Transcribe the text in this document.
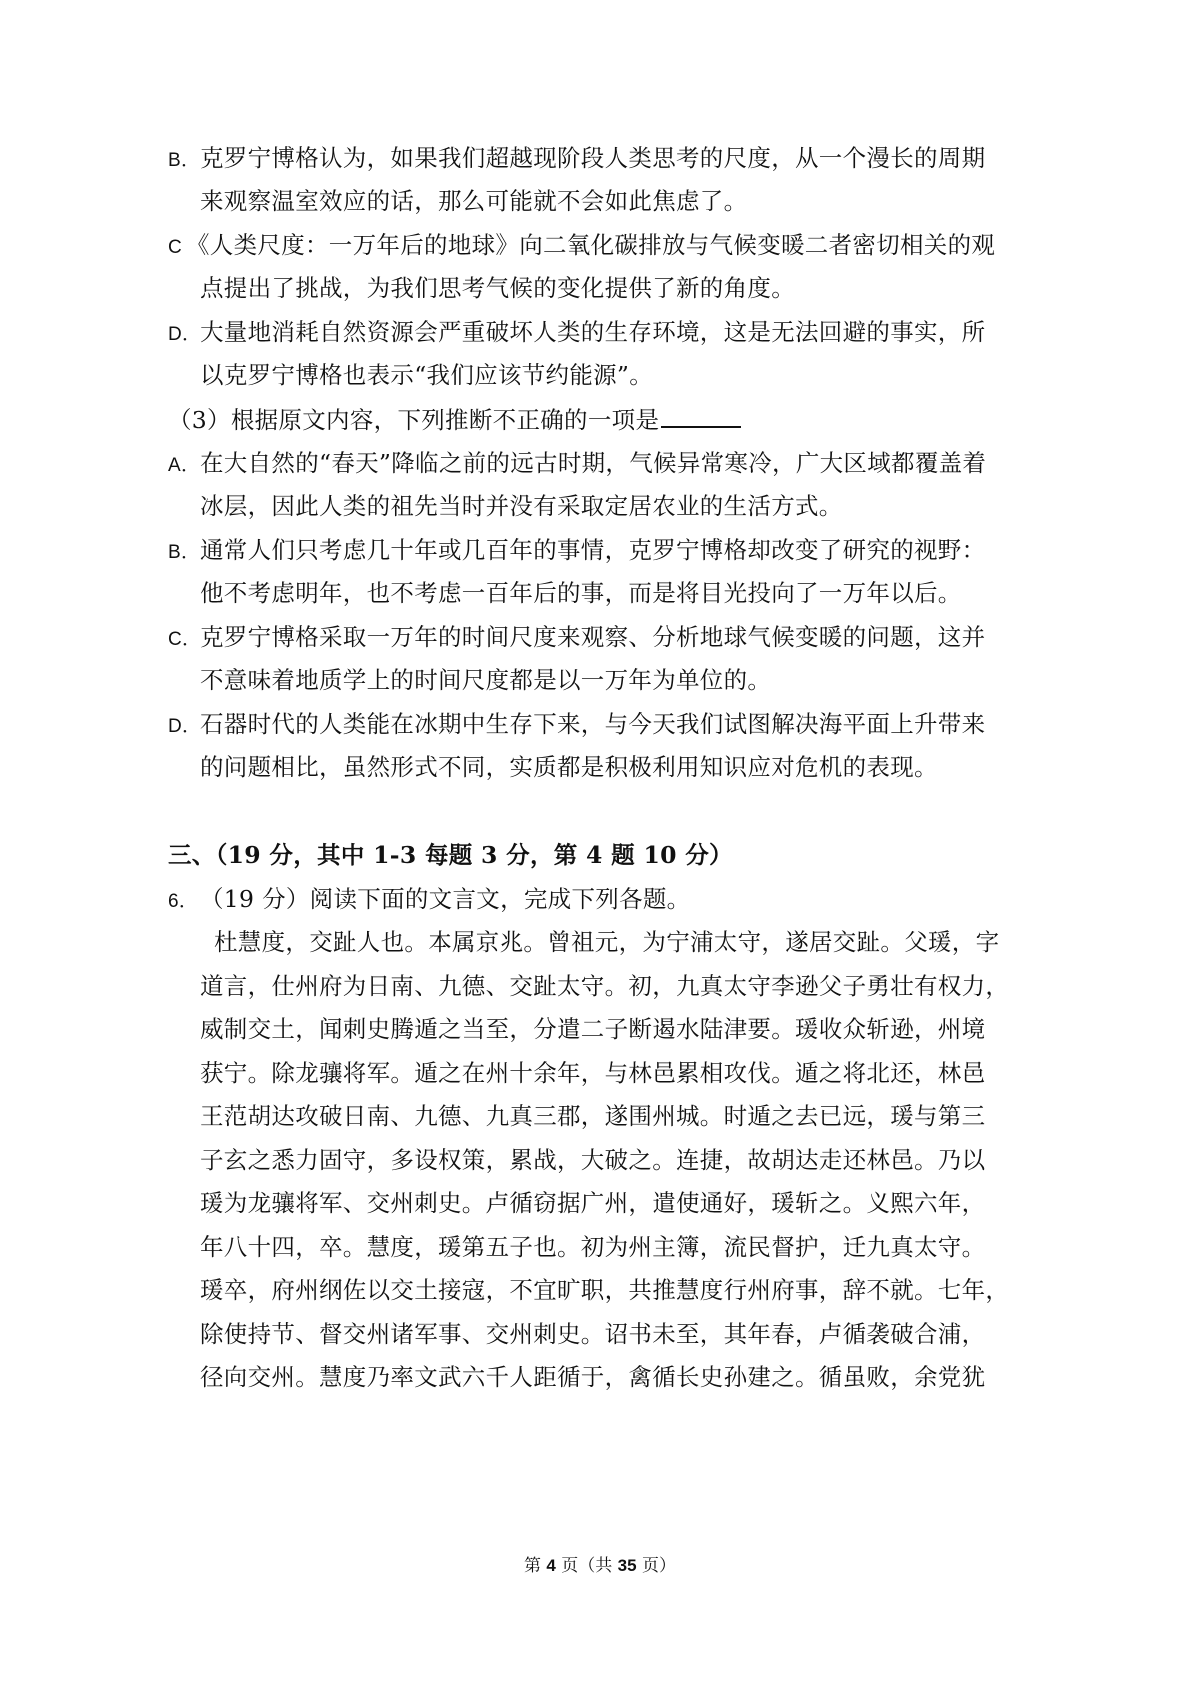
B．克罗宁博格认为，如果我们超越现阶段人类思考的尺度，从一个漫长的周期
来观察温室效应的话，那么可能就不会如此焦虑了。
C 《人类尺度：一万年后的地球》向二氧化碳排放与气候变暖二者密切相关的观
点提出了挑战，为我们思考气候的变化提供了新的角度。
D．大量地消耗自然资源会严重破坏人类的生存环境，这是无法回避的事实，所
以克罗宁博格也表示“我们应该节约能源”。
（3）根据原文内容，下列推断不正确的一项是
A．在大自然的“春天”降临之前的远古时期，气候异常寒冷，广大区域都覆盖着
冰层，因此人类的祖先当时并没有采取定居农业的生活方式。
B．通常人们只考虑几十年或几百年的事情，克罗宁博格却改变了研究的视野：
他不考虑明年，也不考虑一百年后的事，而是将目光投向了一万年以后。
C．克罗宁博格采取一万年的时间尺度来观察、分析地球气候变暖的问题，这并
不意味着地质学上的时间尺度都是以一万年为单位的。
D．石器时代的人类能在冰期中生存下来，与今天我们试图解决海平面上升带来
的问题相比，虽然形式不同，实质都是积极利用知识应对危机的表现。
三、（19 分，其中 1-3 每题 3 分，第 4 题 10 分）
6．（19 分）阅读下面的文言文，完成下列各题。
杜慧度，交趾人也。本属京兆。曾祖元，为宁浦太守，遂居交趾。父瑗，字
道言，仕州府为日南、九德、交趾太守。初，九真太守李逊父子勇壮有权力，
威制交土，闻刺史腾遁之当至，分遣二子断遏水陆津要。瑗收众斩逊，州境
获宁。除龙骧将军。遁之在州十余年，与林邑累相攻伐。遁之将北还，林邑
王范胡达攻破日南、九德、九真三郡，遂围州城。时遁之去已远，瑗与第三
子玄之悉力固守，多设权策，累战，大破之。连捷，故胡达走还林邑。乃以
瑗为龙骧将军、交州刺史。卢循窃据广州，遣使通好，瑗斩之。义熙六年，
年八十四，卒。慧度，瑗第五子也。初为州主簿，流民督护，迁九真太守。
瑗卒，府州纲佐以交土接寇，不宜旷职，共推慧度行州府事，辞不就。七年，
除使持节、督交州诸军事、交州刺史。诏书未至，其年春，卢循袭破合浦，
径向交州。慧度乃率文武六千人距循于，禽循长史孙建之。循虽败，余党犹
第 4 页（共 35 页）
